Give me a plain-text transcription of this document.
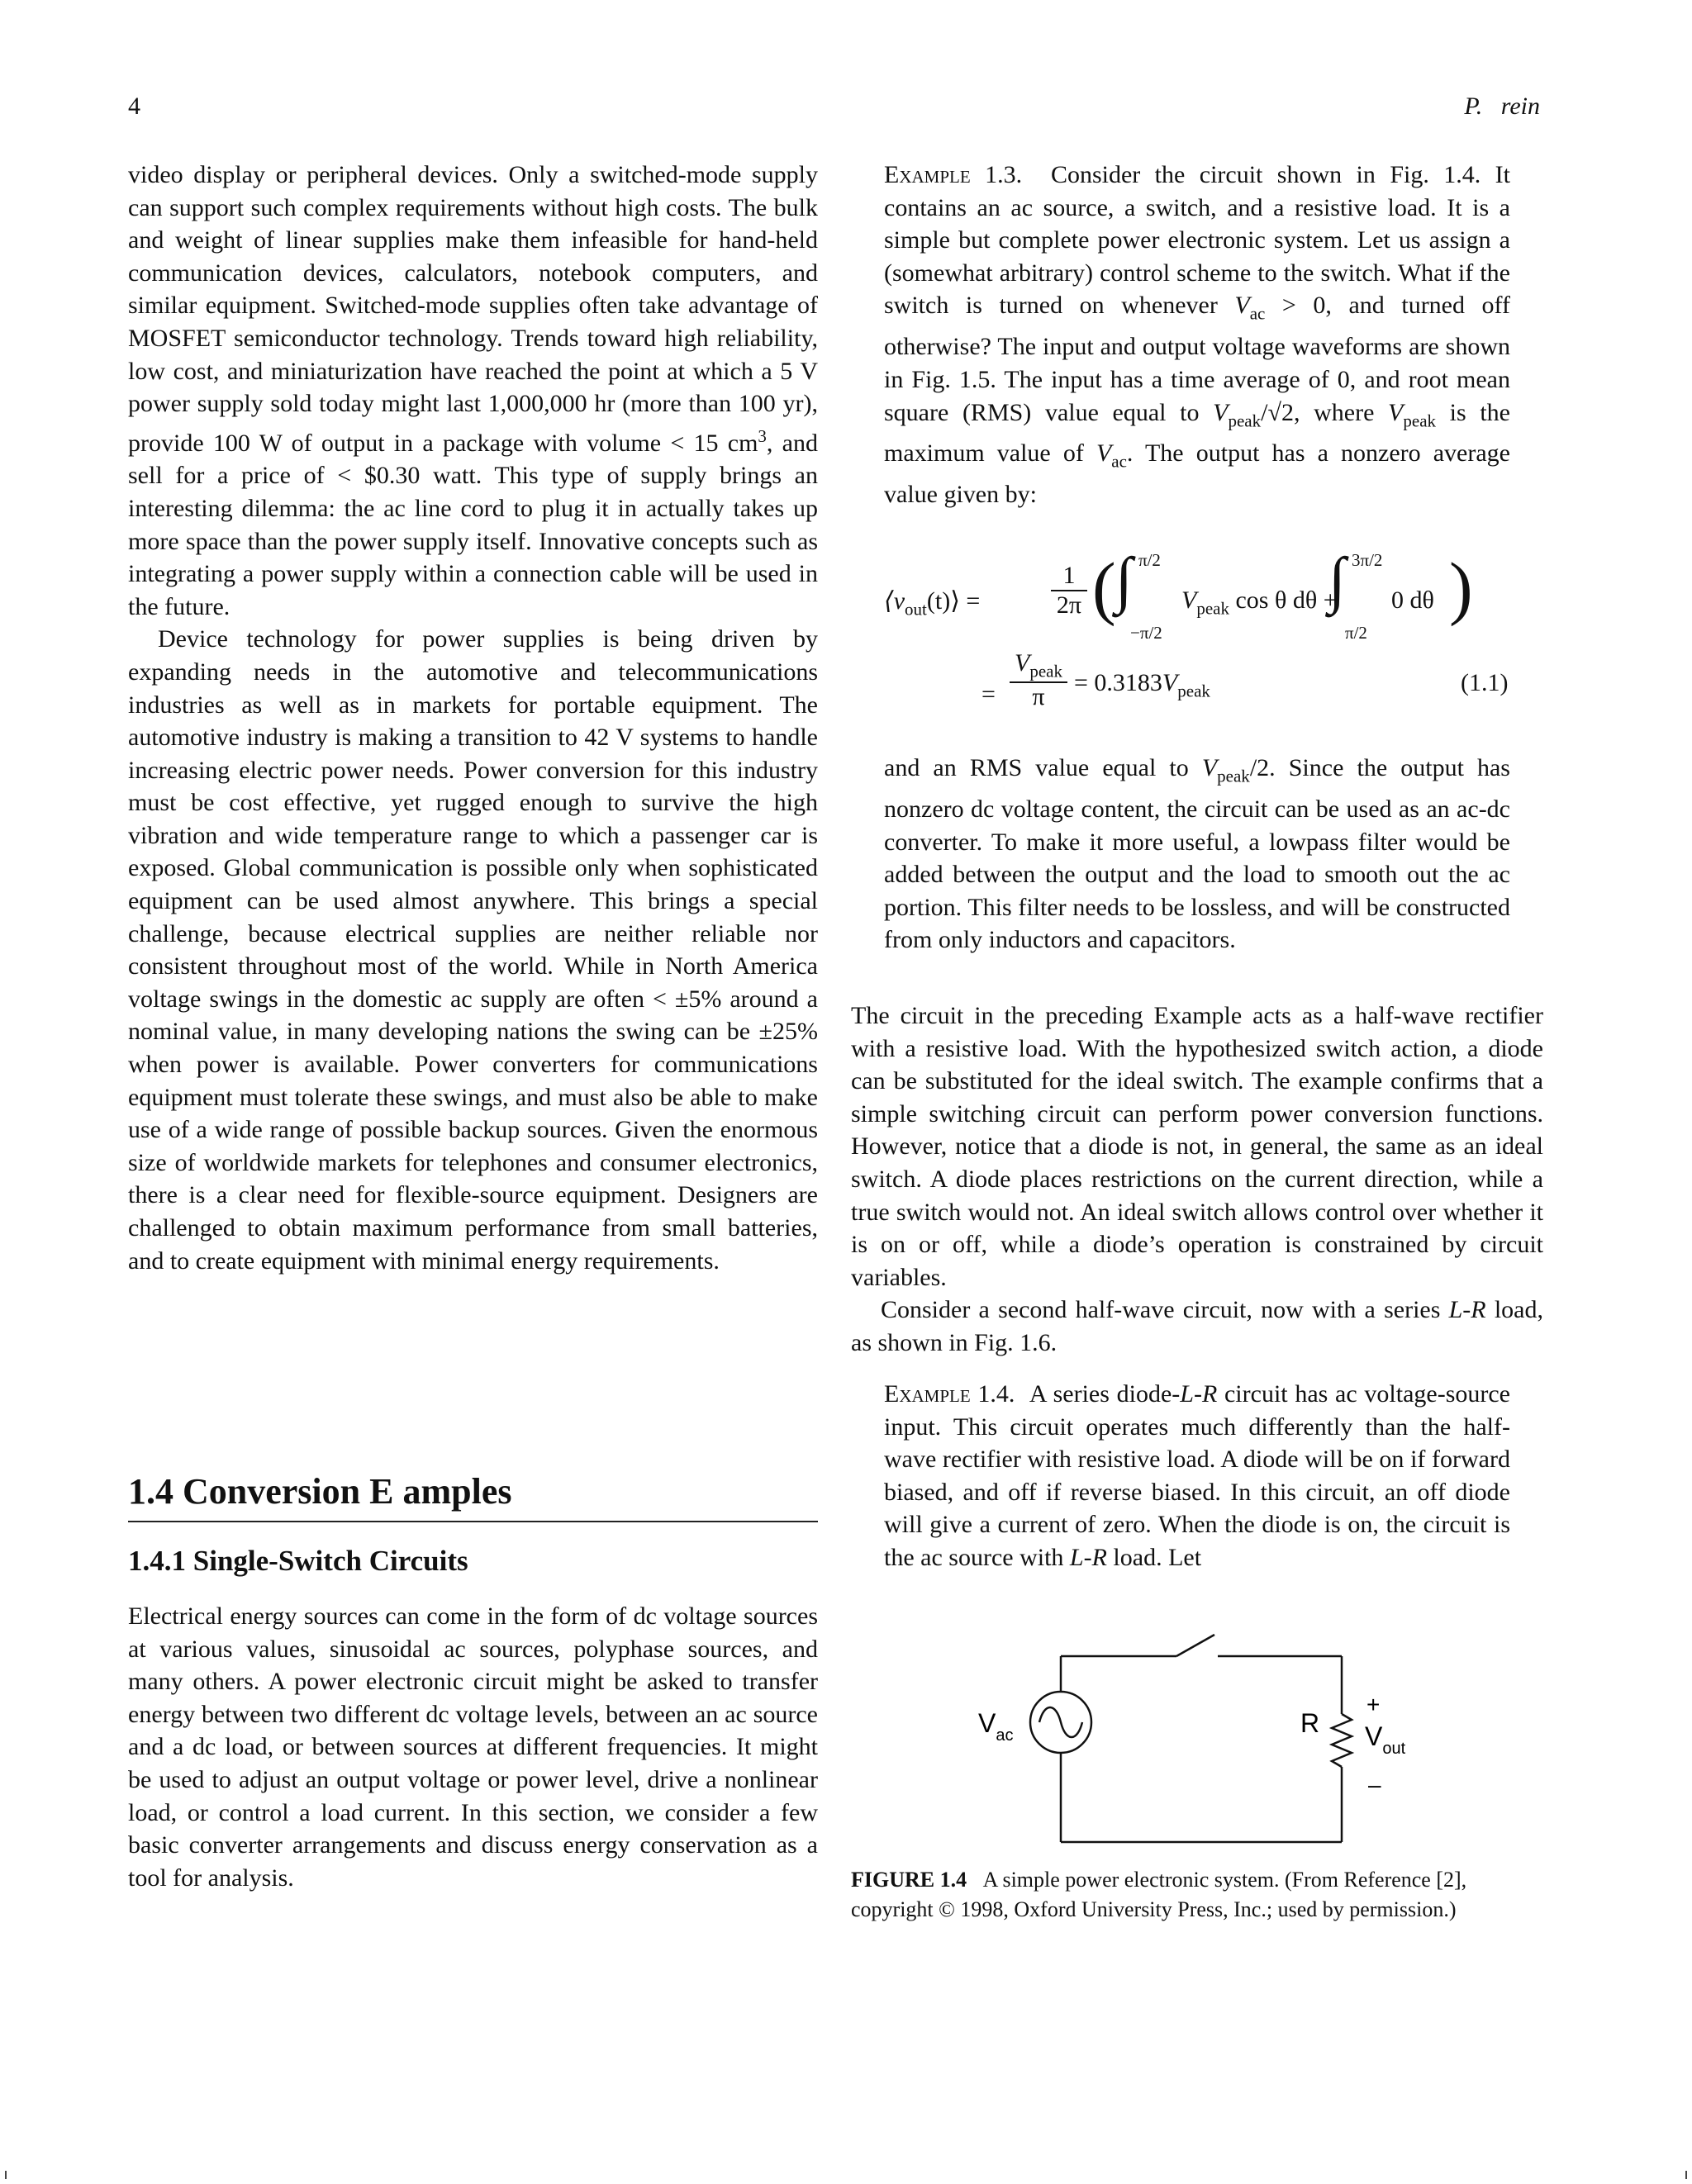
4	P.   rein

video display or peripheral devices. Only a switched-mode supply can support such complex requirements without high costs. The bulk and weight of linear supplies make them infeasible for hand-held communication devices, calculators, notebook computers, and similar equipment. Switched-mode supplies often take advantage of MOSFET semiconductor technology. Trends toward high reliability, low cost, and miniaturization have reached the point at which a 5 V power supply sold today might last 1,000,000 hr (more than 100 yr), provide 100 W of output in a package with volume < 15 $cm^3$, and sell for a price of < $0.30 watt. This type of supply brings an interesting dilemma: the ac line cord to plug it in actually takes up more space than the power supply itself. Innovative concepts such as integrating a power supply within a connection cable will be used in the future.

Device technology for power supplies is being driven by expanding needs in the automotive and telecommunications industries as well as in markets for portable equipment. The automotive industry is making a transition to 42 V systems to handle increasing electric power needs. Power conversion for this industry must be cost effective, yet rugged enough to survive the high vibration and wide temperature range to which a passenger car is exposed. Global communication is possible only when sophisticated equipment can be used almost anywhere. This brings a special challenge, because electrical supplies are neither reliable nor consistent throughout most of the world. While in North America voltage swings in the domestic ac supply are often < ±5% around a nominal value, in many developing nations the swing can be ±25% when power is available. Power converters for communications equipment must tolerate these swings, and must also be able to make use of a wide range of possible backup sources. Given the enormous size of worldwide markets for telephones and consumer electronics, there is a clear need for flexible-source equipment. Designers are challenged to obtain maximum performance from small batteries, and to create equipment with minimal energy requirements.

1.4 Conversion E amples
1.4.1 Single-Switch Circuits

Electrical energy sources can come in the form of dc voltage sources at various values, sinusoidal ac sources, polyphase sources, and many others. A power electronic circuit might be asked to transfer energy between two different dc voltage levels, between an ac source and a dc load, or between sources at different frequencies. It might be used to adjust an output voltage or power level, drive a nonlinear load, or control a load current. In this section, we consider a few basic converter arrangements and discuss energy conservation as a tool for analysis.

Example 1.3. Consider the circuit shown in Fig. 1.4. It contains an ac source, a switch, and a resistive load. It is a simple but complete power electronic system. Let us assign a (somewhat arbitrary) control scheme to the switch. What if the switch is turned on whenever $V_{ac} > 0$, and turned off otherwise? The input and output voltage waveforms are shown in Fig. 1.5. The input has a time average of 0, and root mean square (RMS) value equal to $V_{peak}/√2$, where $V_{peak}$ is the maximum value of $V_{ac}$. The output has a nonzero average value given by:
$⟨v_{out}(t)⟩$ =
1
2π ( ∫ π/2
−π/2
$V_{peak}$ cos θ dθ +
∫ 3π/2
π/2
0 dθ )
=
$V_{peak}$
π
= $0.3183V_{peak}$	(1.1)
and an RMS value equal to $V_{peak}/2$. Since the output has nonzero dc voltage content, the circuit can be used as an ac-dc converter. To make it more useful, a lowpass filter would be added between the output and the load to smooth out the ac portion. This filter needs to be lossless, and will be constructed from only inductors and capacitors.

The circuit in the preceding Example acts as a half-wave rectifier with a resistive load. With the hypothesized switch action, a diode can be substituted for the ideal switch. The example confirms that a simple switching circuit can perform power conversion functions. However, notice that a diode is not, in general, the same as an ideal switch. A diode places restrictions on the current direction, while a true switch would not. An ideal switch allows control over whether it is on or off, while a diode’s operation is constrained by circuit variables.

Consider a second half-wave circuit, now with a series L-R load, as shown in Fig. 1.6.

Example 1.4. A series diode-L-R circuit has ac voltage-source input. This circuit operates much differently than the half-wave rectifier with resistive load. A diode will be on if forward biased, and off if reverse biased. In this circuit, an off diode will give a current of zero. When the diode is on, the circuit is the ac source with L-R load. Let
$V_{ac}$	R
+
$V_{out}$
–
FIGURE 1.4 A simple power electronic system. (From Reference [2], copyright © 1998, Oxford University Press, Inc.; used by permission.)
